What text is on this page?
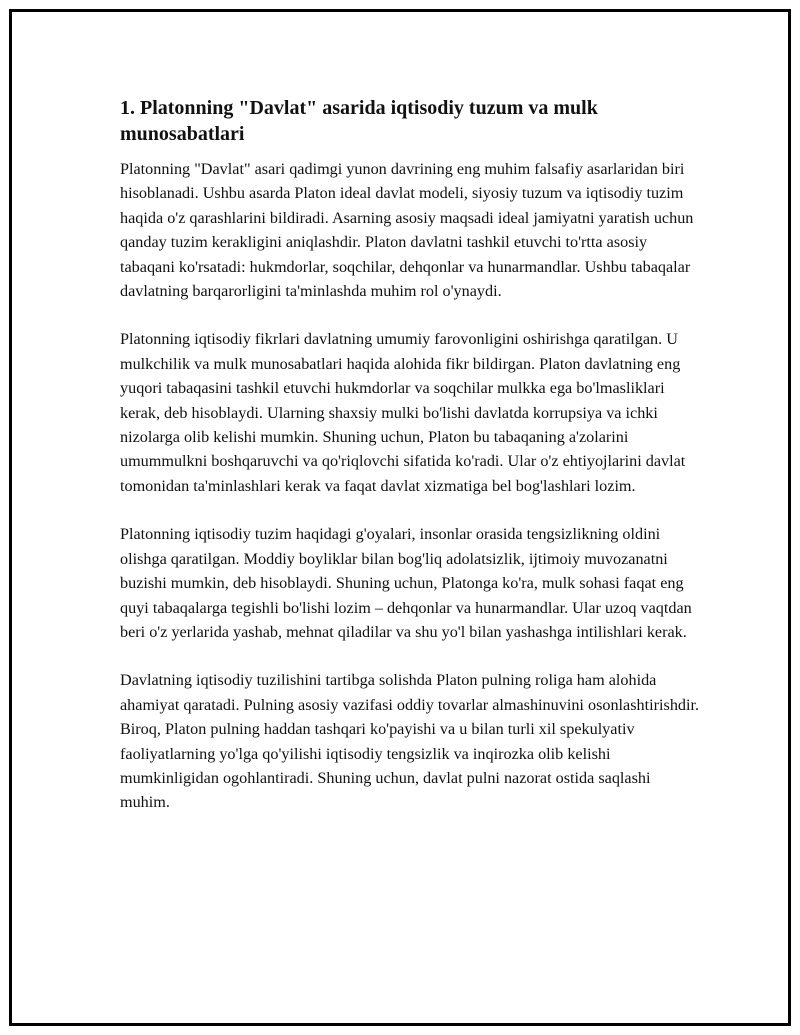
1. Platonning "Davlat" asarida iqtisodiy tuzum va mulk munosabatlari

Platonning "Davlat" asari qadimgi yunon davrining eng muhim falsafiy asarlaridan biri hisoblanadi. Ushbu asarda Platon ideal davlat modeli, siyosiy tuzum va iqtisodiy tuzim haqida o'z qarashlarini bildiradi. Asarning asosiy maqsadi ideal jamiyatni yaratish uchun qanday tuzim kerakligini aniqlashdir. Platon davlatni tashkil etuvchi to'rtta asosiy tabaqani ko'rsatadi: hukmdorlar, soqchilar, dehqonlar va hunarmandlar. Ushbu tabaqalar davlatning barqarorligini ta'minlashda muhim rol o'ynaydi.

Platonning iqtisodiy fikrlari davlatning umumiy farovonligini oshirishga qaratilgan. U mulkchilik va mulk munosabatlari haqida alohida fikr bildirgan. Platon davlatning eng yuqori tabaqasini tashkil etuvchi hukmdorlar va soqchilar mulkka ega bo'lmasliklari kerak, deb hisoblaydi. Ularning shaxsiy mulki bo'lishi davlatda korrupsiya va ichki nizolarga olib kelishi mumkin. Shuning uchun, Platon bu tabaqaning a'zolarini umummulkni boshqaruvchi va qo'riqlovchi sifatida ko'radi. Ular o'z ehtiyojlarini davlat tomonidan ta'minlashlari kerak va faqat davlat xizmatiga bel bog'lashlari lozim.

Platonning iqtisodiy tuzim haqidagi g'oyalari, insonlar orasida tengsizlikning oldini olishga qaratilgan. Moddiy boyliklar bilan bog'liq adolatsizlik, ijtimoiy muvozanatni buzishi mumkin, deb hisoblaydi. Shuning uchun, Platonga ko'ra, mulk sohasi faqat eng quyi tabaqalarga tegishli bo'lishi lozim – dehqonlar va hunarmandlar. Ular uzoq vaqtdan beri o'z yerlarida yashab, mehnat qiladilar va shu yo'l bilan yashashga intilishlari kerak.

Davlatning iqtisodiy tuzilishini tartibga solishda Platon pulning roliga ham alohida ahamiyat qaratadi. Pulning asosiy vazifasi oddiy tovarlar almashinuvini osonlashtirishdir. Biroq, Platon pulning haddan tashqari ko'payishi va u bilan turli xil spekulyativ faoliyatlarning yo'lga qo'yilishi iqtisodiy tengsizlik va inqirozka olib kelishi mumkinligidan ogohlantiradi. Shuning uchun, davlat pulni nazorat ostida saqlashi muhim.
